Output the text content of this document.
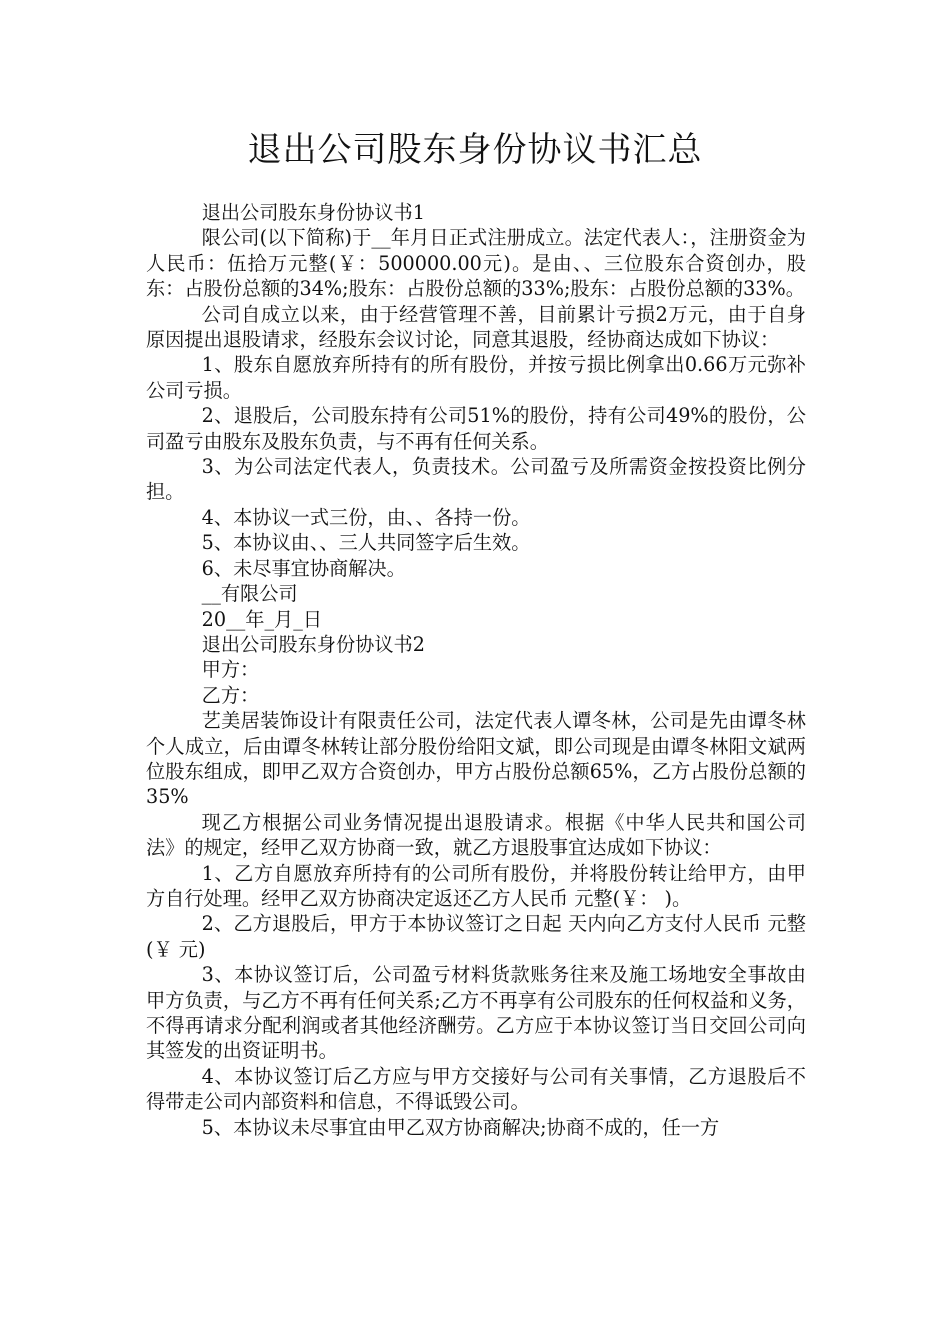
退出公司股东身份协议书汇总

退出公司股东身份协议书1

限公司(以下简称)于__年月日正式注册成立。法定代表人：，注册资金为人民币：伍拾万元整(￥：500000.00元)。是由、、三位股东合资创办，股东：占股份总额的34%;股东：占股份总额的33%;股东：占股份总额的33%。

公司自成立以来，由于经营管理不善，目前累计亏损2万元，由于自身原因提出退股请求，经股东会议讨论，同意其退股，经协商达成如下协议：

1、股东自愿放弃所持有的所有股份，并按亏损比例拿出0.66万元弥补公司亏损。

2、退股后，公司股东持有公司51%的股份，持有公司49%的股份，公司盈亏由股东及股东负责，与不再有任何关系。

3、为公司法定代表人，负责技术。公司盈亏及所需资金按投资比例分担。

4、本协议一式三份，由、、各持一份。

5、本协议由、、三人共同签字后生效。

6、未尽事宜协商解决。

__有限公司

20__年_月_日

退出公司股东身份协议书2

甲方：

乙方：

艺美居装饰设计有限责任公司，法定代表人谭冬林，公司是先由谭冬林个人成立，后由谭冬林转让部分股份给阳文斌，即公司现是由谭冬林阳文斌两位股东组成，即甲乙双方合资创办，甲方占股份总额65%，乙方占股份总额的35%

现乙方根据公司业务情况提出退股请求。根据《中华人民共和国公司法》的规定，经甲乙双方协商一致，就乙方退股事宜达成如下协议：

1、乙方自愿放弃所持有的公司所有股份，并将股份转让给甲方，由甲方自行处理。经甲乙双方协商决定返还乙方人民币 元整(￥： )。

2、乙方退股后，甲方于本协议签订之日起 天内向乙方支付人民币 元整(￥ 元)

3、本协议签订后，公司盈亏材料货款账务往来及施工场地安全事故由甲方负责，与乙方不再有任何关系;乙方不再享有公司股东的任何权益和义务，不得再请求分配利润或者其他经济酬劳。乙方应于本协议签订当日交回公司向其签发的出资证明书。

4、本协议签订后乙方应与甲方交接好与公司有关事情，乙方退股后不得带走公司内部资料和信息，不得诋毁公司。

5、本协议未尽事宜由甲乙双方协商解决;协商不成的，任一方
